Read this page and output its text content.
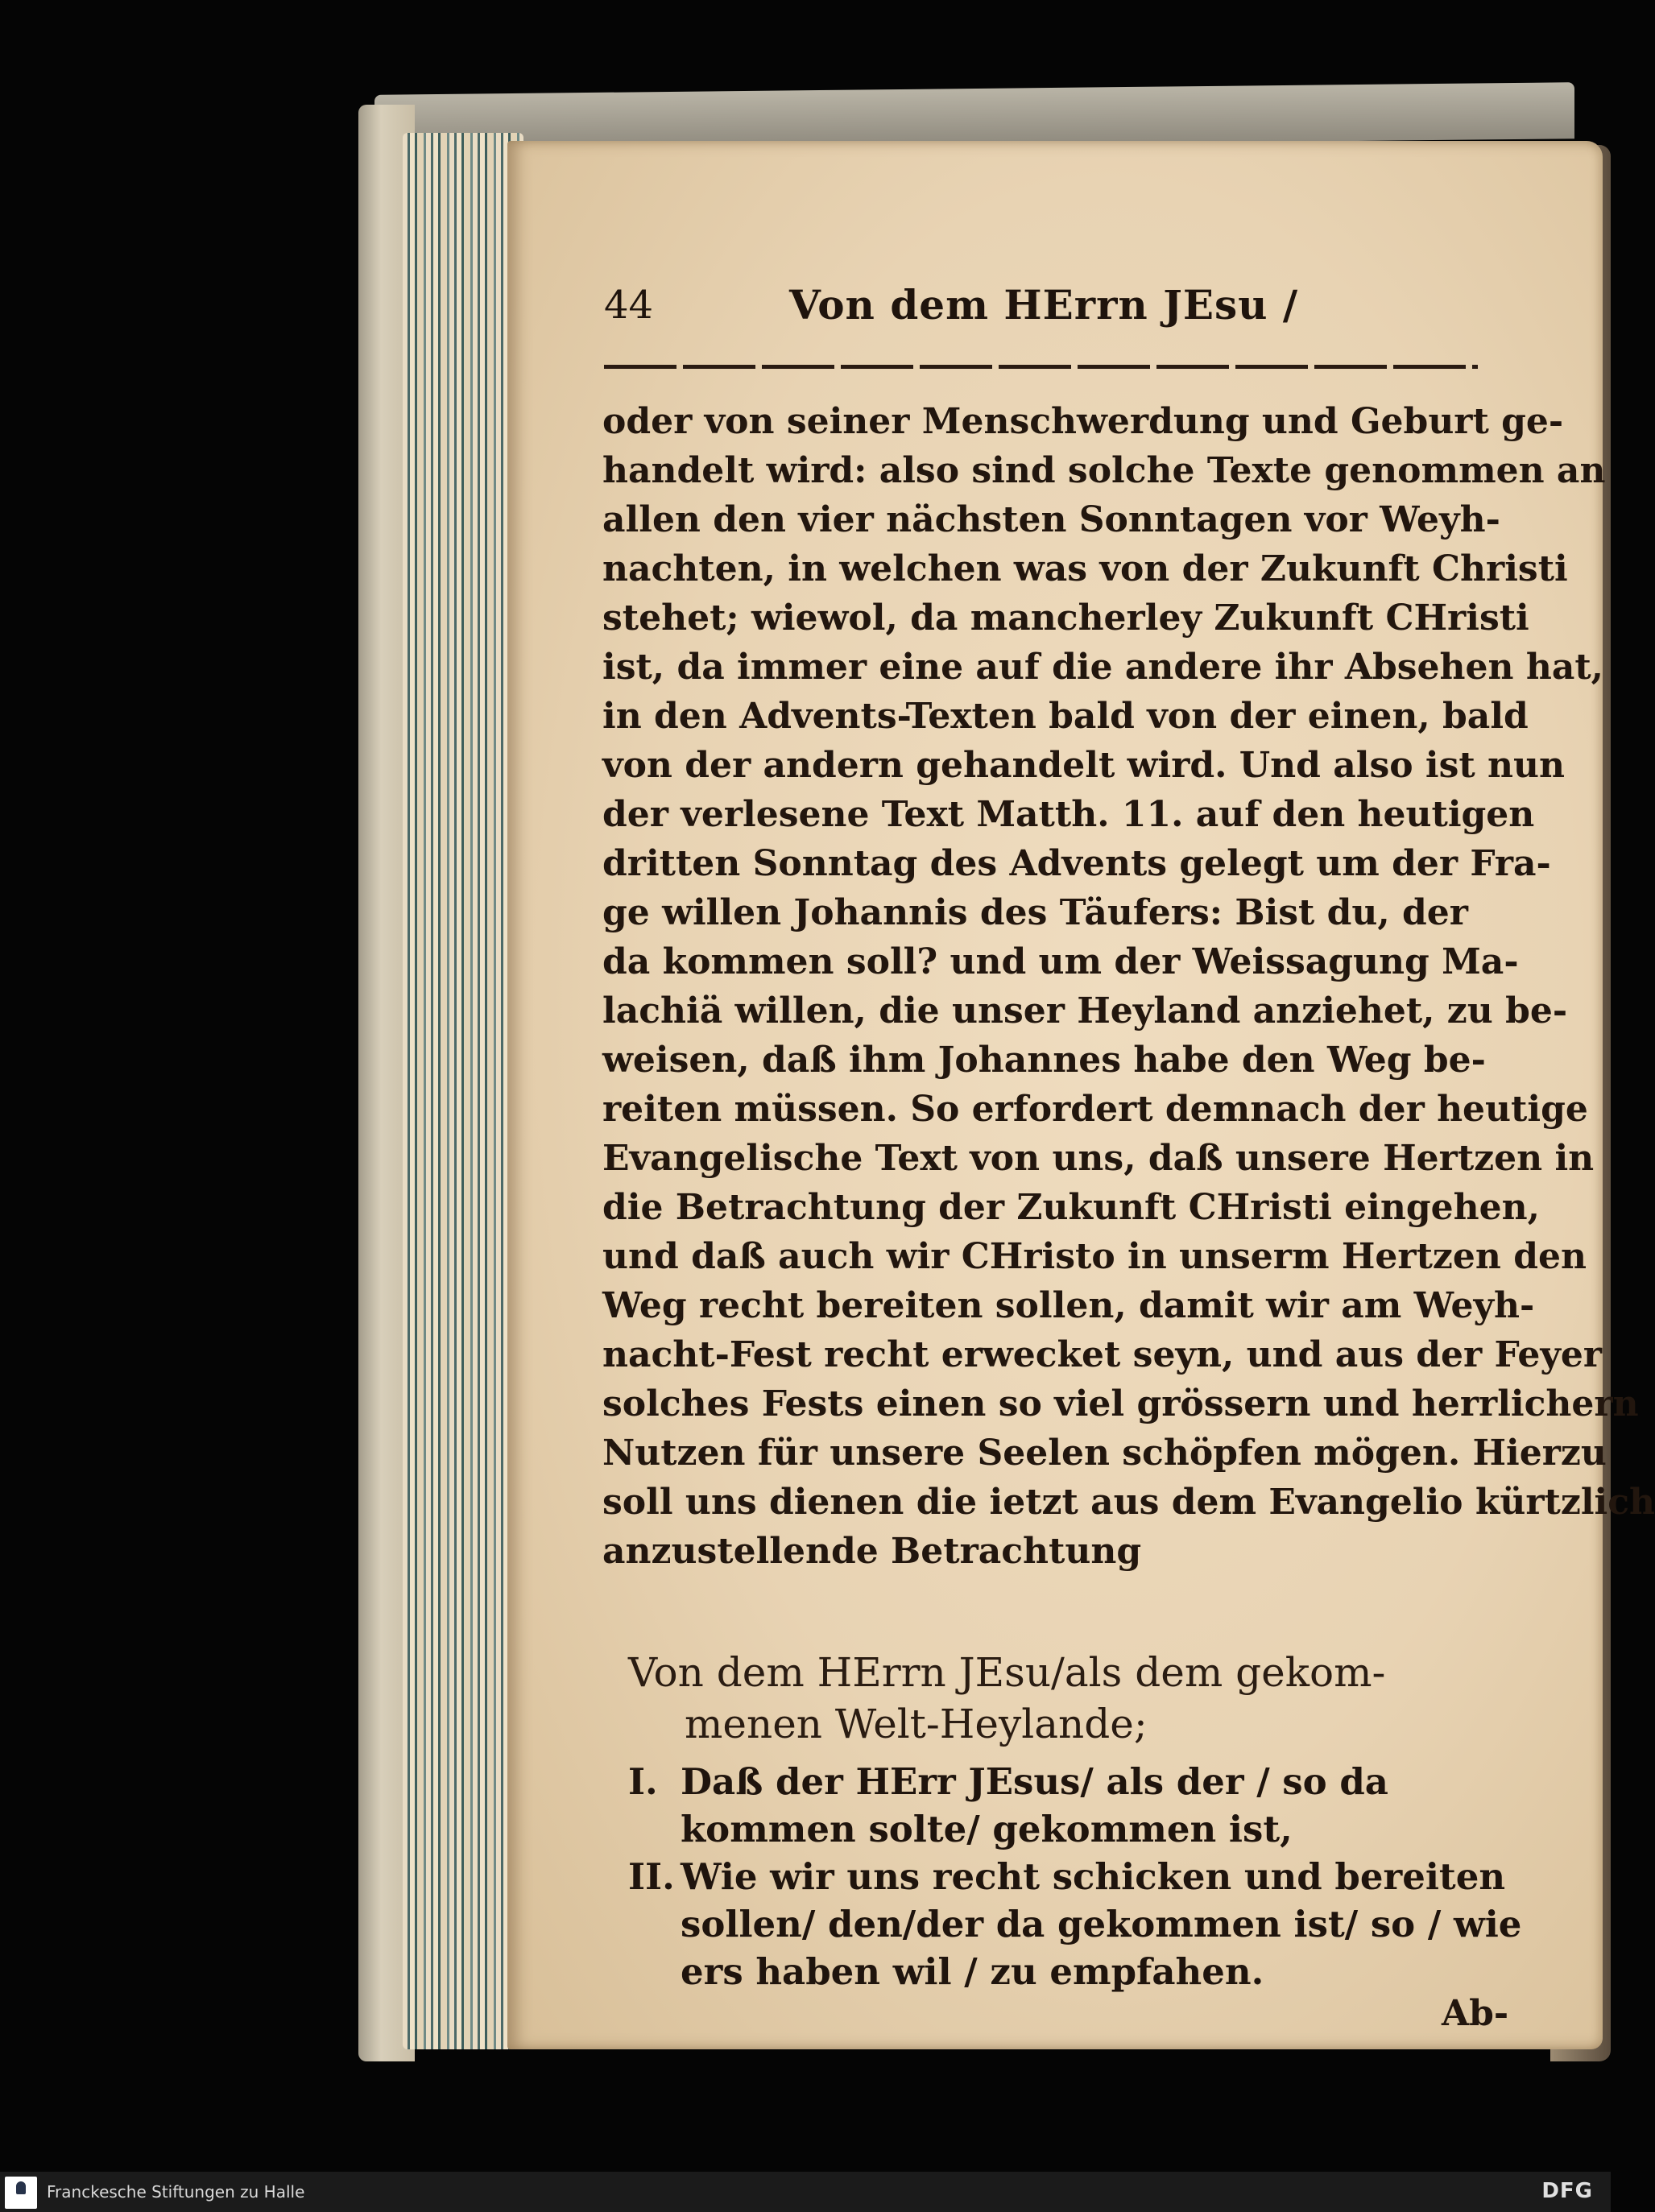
44	Von dem HErrn JEsu /
oder von seiner Menschwerdung und Geburt ge-
handelt wird: also sind solche Texte genommen an
allen den vier nächsten Sonntagen vor Weyh-
nachten, in welchen was von der Zukunft Christi
stehet; wiewol, da mancherley Zukunft CHristi
ist, da immer eine auf die andere ihr Absehen hat,
in den Advents-Texten bald von der einen, bald
von der andern gehandelt wird. Und also ist nun
der verlesene Text Matth. 11. auf den heutigen
dritten Sonntag des Advents gelegt um der Fra-
ge willen Johannis des Täufers: Bist du, der
da kommen soll? und um der Weissagung Ma-
lachiä willen, die unser Heyland anziehet, zu be-
weisen, daß ihm Johannes habe den Weg be-
reiten müssen. So erfordert demnach der heutige
Evangelische Text von uns, daß unsere Hertzen in
die Betrachtung der Zukunft CHristi eingehen,
und daß auch wir CHristo in unserm Hertzen den
Weg recht bereiten sollen, damit wir am Weyh-
nacht-Fest recht erwecket seyn, und aus der Feyer
solches Fests einen so viel grössern und herrlichern
Nutzen für unsere Seelen schöpfen mögen. Hierzu
soll uns dienen die ietzt aus dem Evangelio kürtzlich
anzustellende Betrachtung
Von dem HErrn JEsu/als dem gekom-
menen Welt-Heylande;
I. Daß der HErr JEsus/ als der / so da
kommen solte/ gekommen ist,
II. Wie wir uns recht schicken und bereiten
sollen/ den/der da gekommen ist/ so / wie
ers haben wil / zu empfahen.
Ab-
Franckesche Stiftungen zu Halle	DFG
